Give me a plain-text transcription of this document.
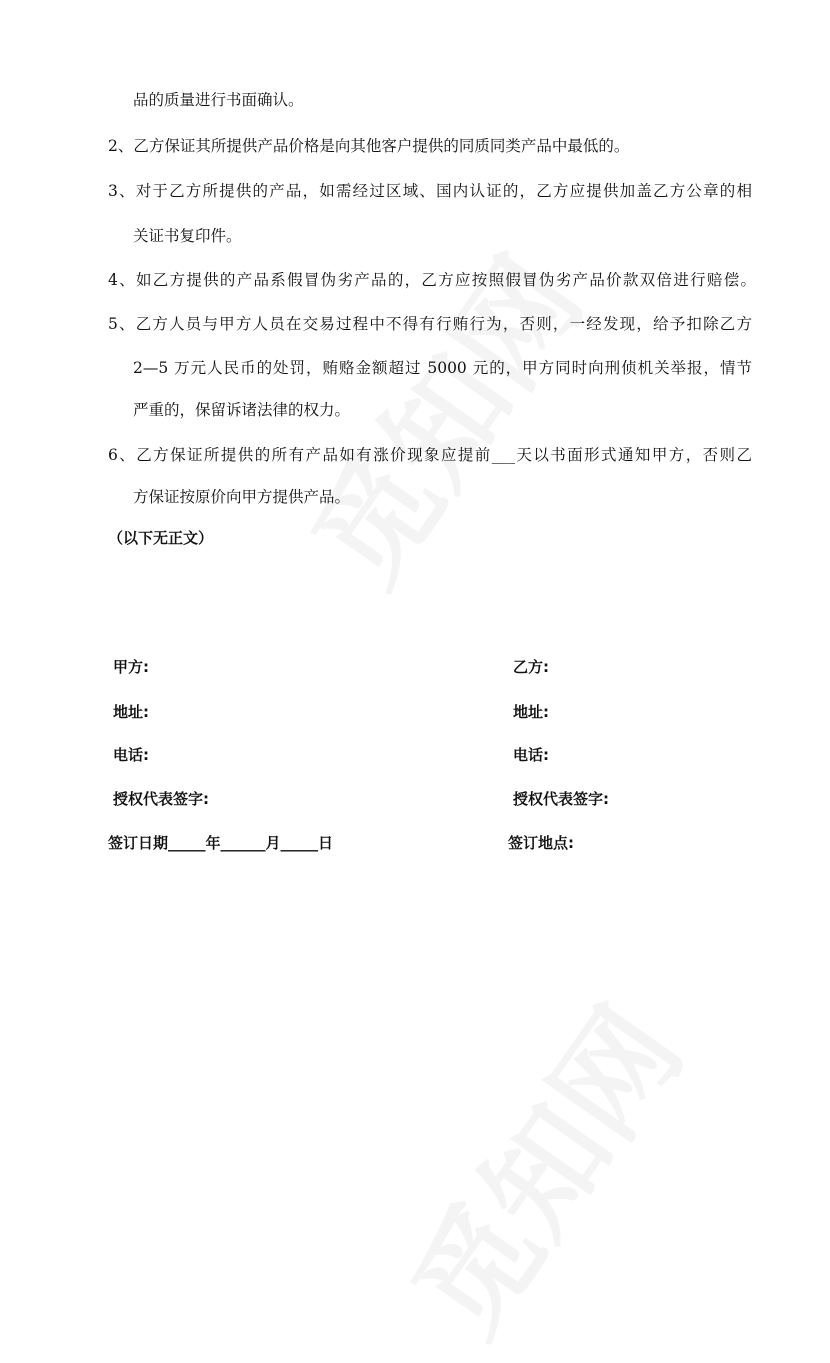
品的质量进行书面确认。
2、乙方保证其所提供产品价格是向其他客户提供的同质同类产品中最低的。
3、对于乙方所提供的产品，如需经过区域、国内认证的，乙方应提供加盖乙方公章的相
关证书复印件。
4、如乙方提供的产品系假冒伪劣产品的，乙方应按照假冒伪劣产品价款双倍进行赔偿。
5、乙方人员与甲方人员在交易过程中不得有行贿行为，否则，一经发现，给予扣除乙方
2—5 万元人民币的处罚，贿赂金额超过 5000 元的，甲方同时向刑侦机关举报，情节
严重的，保留诉诸法律的权力。
6、乙方保证所提供的所有产品如有涨价现象应提前___天以书面形式通知甲方，否则乙
方保证按原价向甲方提供产品。
（以下无正文）
甲方:
地址:
电话:
授权代表签字:
签订日期_____年______月_____日
乙方:
地址:
电话:
授权代表签字:
签订地点:
